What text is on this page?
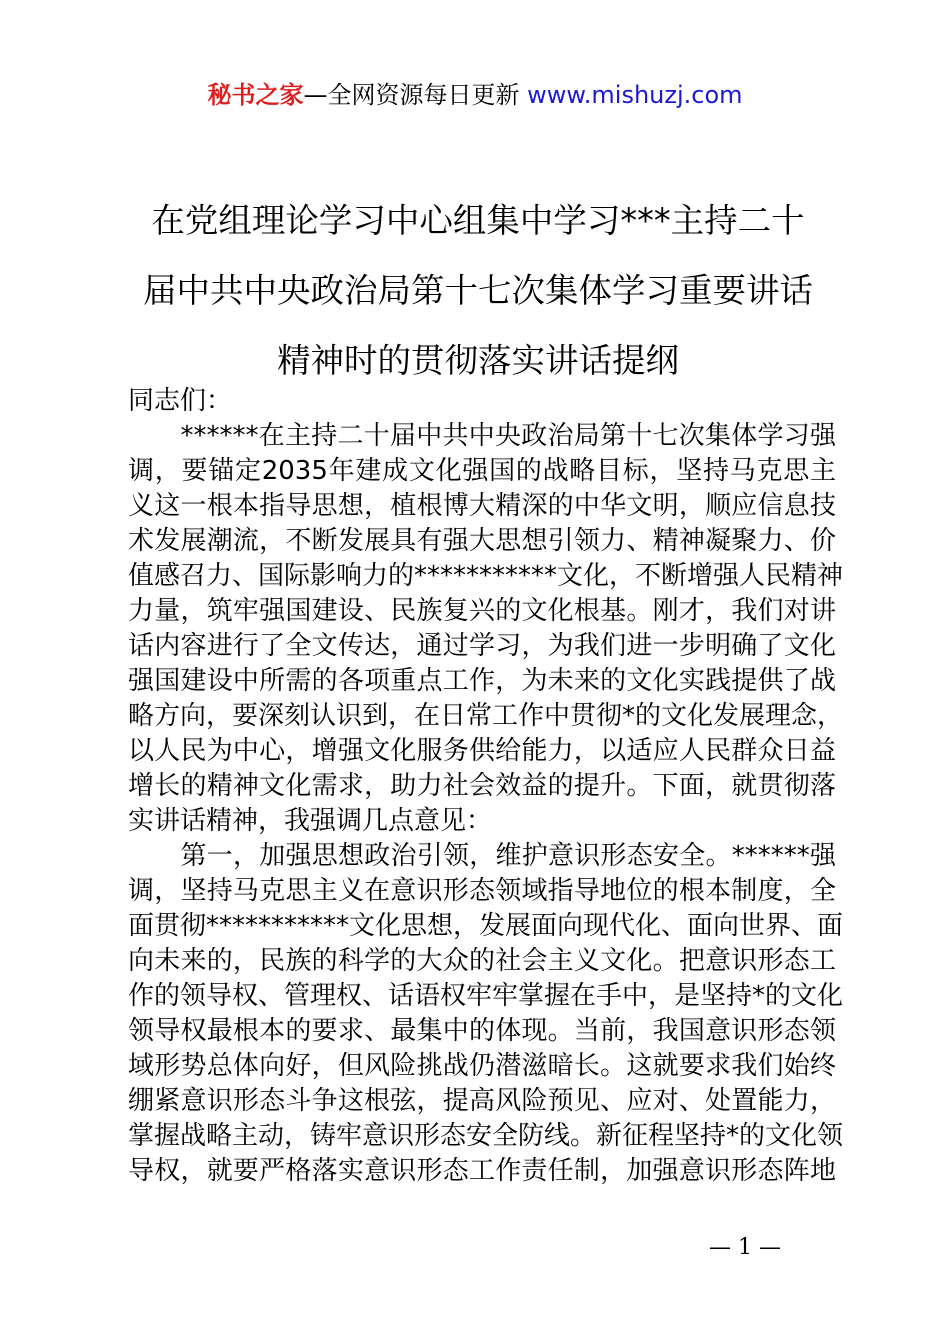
秘书之家—全网资源每日更新 www.mishuzj.com
在党组理论学习中心组集中学习***主持二十
届中共中央政治局第十七次集体学习重要讲话
精神时的贯彻落实讲话提纲
同志们：
　　******在主持二十届中共中央政治局第十七次集体学习强
调，要锚定2035年建成文化强国的战略目标，坚持马克思主
义这一根本指导思想，植根博大精深的中华文明，顺应信息技
术发展潮流，不断发展具有强大思想引领力、精神凝聚力、价
值感召力、国际影响力的***********文化，不断增强人民精神
力量，筑牢强国建设、民族复兴的文化根基。刚才，我们对讲
话内容进行了全文传达，通过学习，为我们进一步明确了文化
强国建设中所需的各项重点工作，为未来的文化实践提供了战
略方向，要深刻认识到，在日常工作中贯彻*的文化发展理念，
以人民为中心，增强文化服务供给能力，以适应人民群众日益
增长的精神文化需求，助力社会效益的提升。下面，就贯彻落
实讲话精神，我强调几点意见：
　　第一，加强思想政治引领，维护意识形态安全。******强
调，坚持马克思主义在意识形态领域指导地位的根本制度，全
面贯彻***********文化思想，发展面向现代化、面向世界、面
向未来的，民族的科学的大众的社会主义文化。把意识形态工
作的领导权、管理权、话语权牢牢掌握在手中，是坚持*的文化
领导权最根本的要求、最集中的体现。当前，我国意识形态领
域形势总体向好，但风险挑战仍潜滋暗长。这就要求我们始终
绷紧意识形态斗争这根弦，提高风险预见、应对、处置能力，
掌握战略主动，铸牢意识形态安全防线。新征程坚持*的文化领
导权，就要严格落实意识形态工作责任制，加强意识形态阵地
— 1 —
